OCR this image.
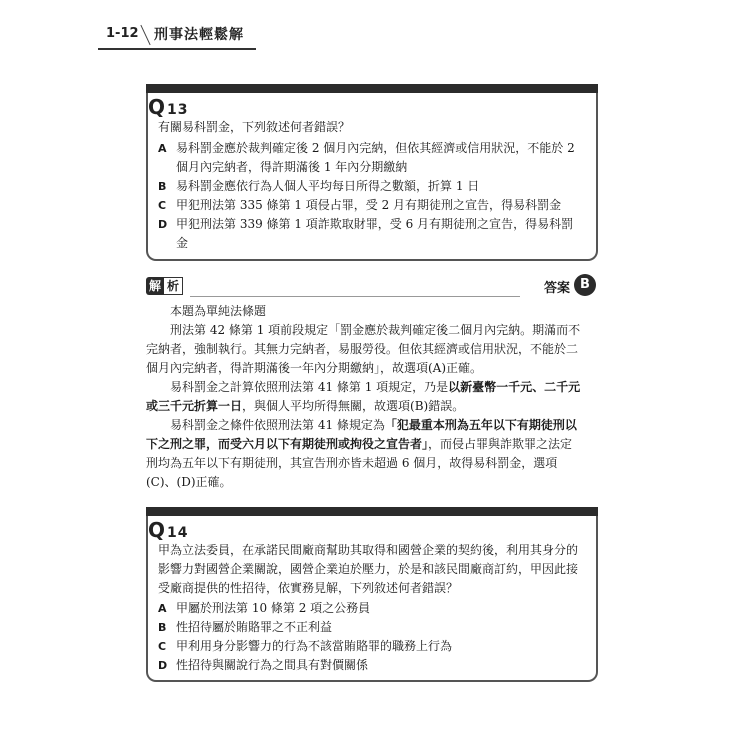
1-12 刑事法輕鬆解
Q 13
有關易科罰金，下列敘述何者錯誤？
A 易科罰金應於裁判確定後 2 個月內完納，但依其經濟或信用狀況，不能於 2 個月內完納者，得許期滿後 1 年內分期繳納
B 易科罰金應依行為人個人平均每日所得之數額，折算 1 日
C 甲犯刑法第 335 條第 1 項侵占罪，受 2 月有期徒刑之宣告，得易科罰金
D 甲犯刑法第 339 條第 1 項詐欺取財罪，受 6 月有期徒刑之宣告，得易科罰金
解 析	答案 B

本題為單純法條題

刑法第 42 條第 1 項前段規定「罰金應於裁判確定後二個月內完納。期滿而不完納者，強制執行。其無力完納者，易服勞役。但依其經濟或信用狀況，不能於二個月內完納者，得許期滿後一年內分期繳納」，故選項(A)正確。

易科罰金之計算依照刑法第 41 條第 1 項規定，乃是以新臺幣一千元、二千元或三千元折算一日，與個人平均所得無關，故選項(B)錯誤。

易科罰金之條件依照刑法第 41 條規定為「犯最重本刑為五年以下有期徒刑以下之刑之罪，而受六月以下有期徒刑或拘役之宣告者」，而侵占罪與詐欺罪之法定刑均為五年以下有期徒刑，其宣告刑亦皆未超過 6 個月，故得易科罰金，選項(C)、(D)正確。

Q 14
甲為立法委員，在承諾民間廠商幫助其取得和國營企業的契約後，利用其身分的影響力對國營企業關說，國營企業迫於壓力，於是和該民間廠商訂約，甲因此接受廠商提供的性招待，依實務見解，下列敘述何者錯誤？
A 甲屬於刑法第 10 條第 2 項之公務員
B 性招待屬於賄賂罪之不正利益
C 甲利用身分影響力的行為不該當賄賂罪的職務上行為
D 性招待與關說行為之間具有對價關係
